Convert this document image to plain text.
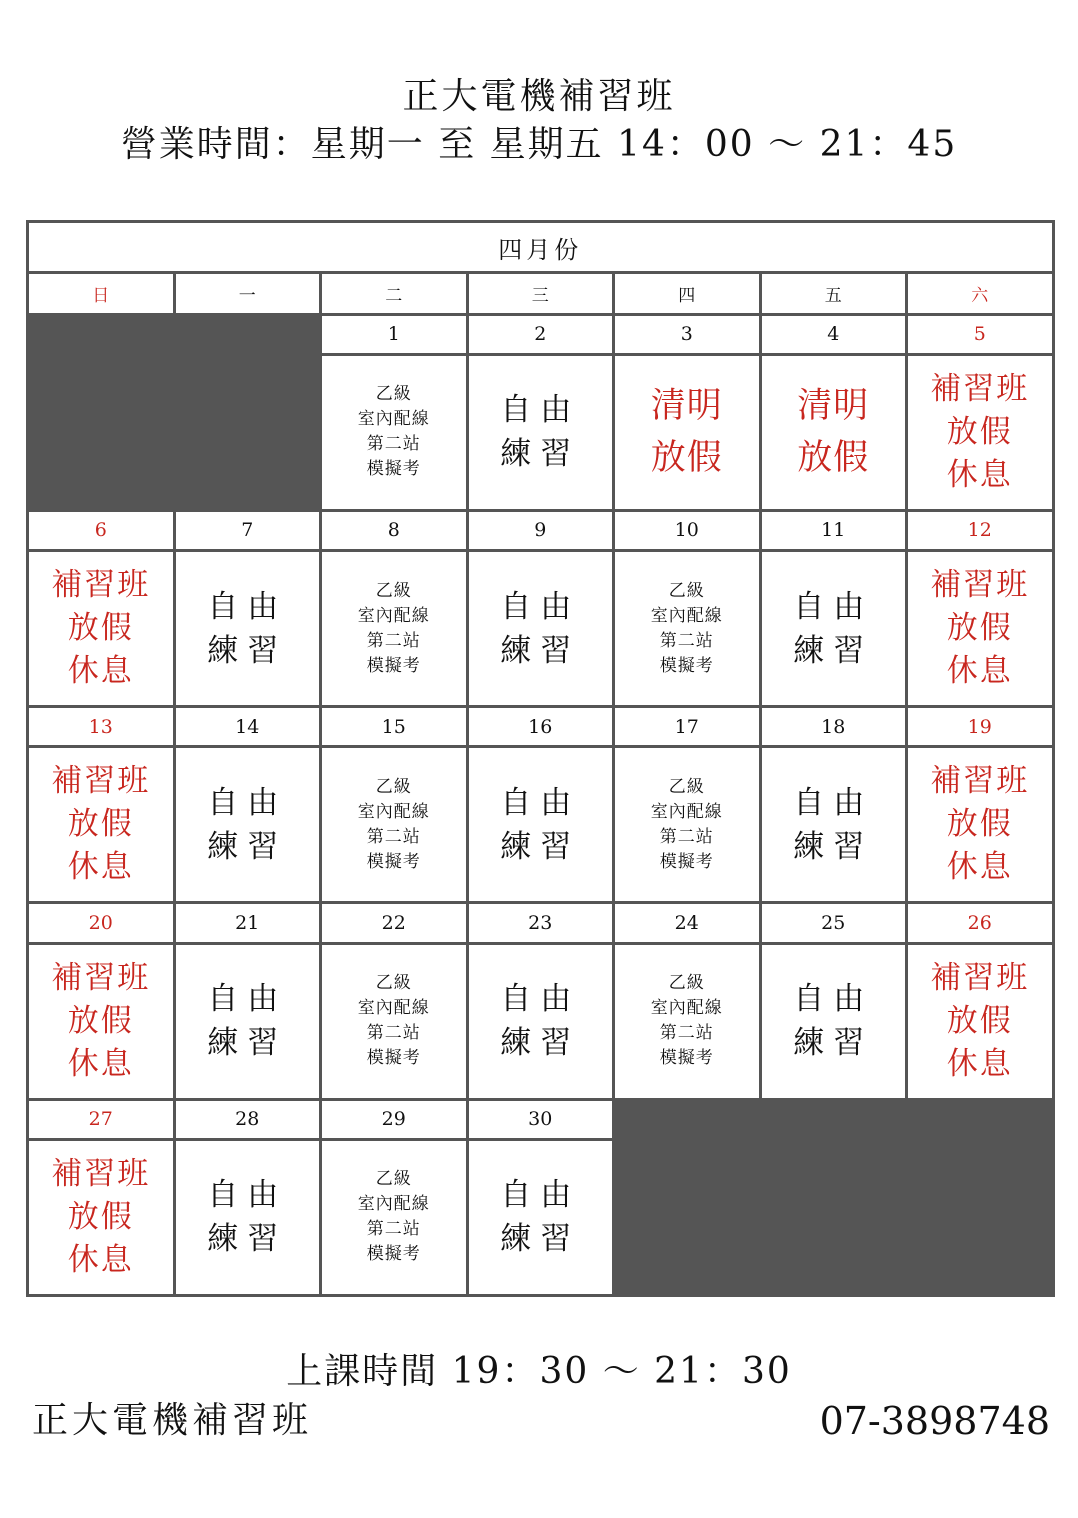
正大電機補習班
營業時間：星期一 至 星期五 14：00 ～ 21：45
四月份						
日	一	二	三	四	五	六
		1	2	3	4	5

		乙級
室內配線
第二站
模擬考	自由
練習	清明
放假	清明
放假	補習班
放假
休息

6	7	8	9	10	11	12

補習班
放假
休息	自由
練習	乙級
室內配線
第二站
模擬考	自由
練習	乙級
室內配線
第二站
模擬考	自由
練習	補習班
放假
休息

13	14	15	16	17	18	19

補習班
放假
休息	自由
練習	乙級
室內配線
第二站
模擬考	自由
練習	乙級
室內配線
第二站
模擬考	自由
練習	補習班
放假
休息

20	21	22	23	24	25	26

補習班
放假
休息	自由
練習	乙級
室內配線
第二站
模擬考	自由
練習	乙級
室內配線
第二站
模擬考	自由
練習	補習班
放假
休息

27	28	29	30			

補習班
放假
休息	自由
練習	乙級
室內配線
第二站
模擬考	自由
練習			

上課時間 19：30 ～ 21：30
正大電機補習班	07-3898748
